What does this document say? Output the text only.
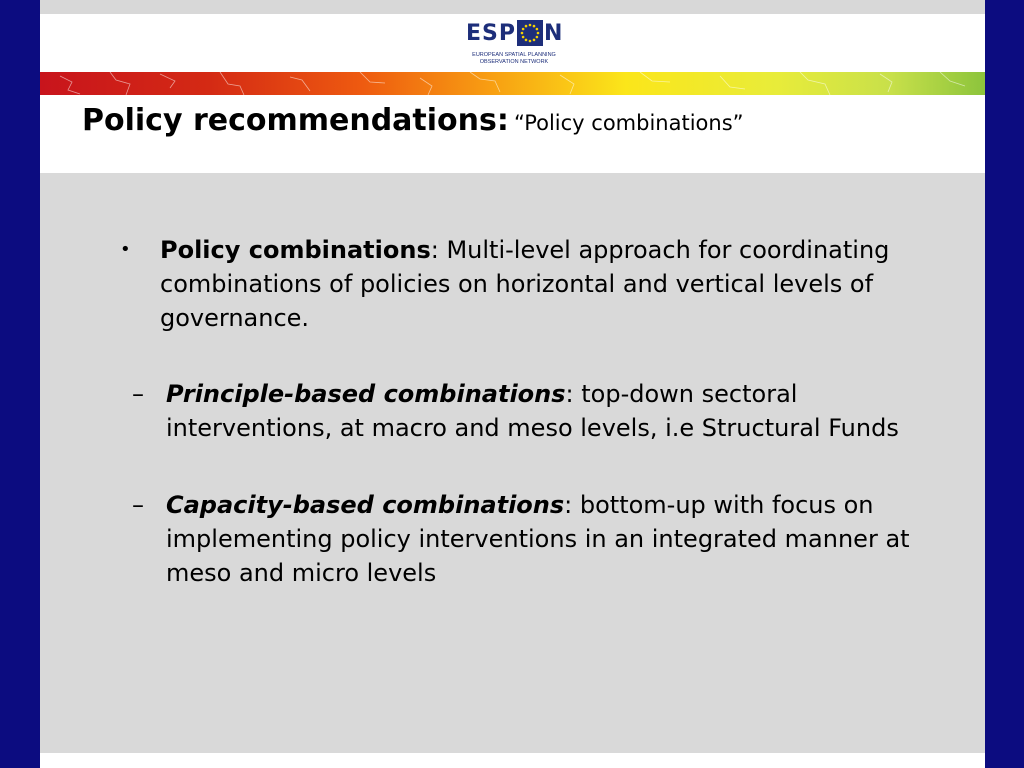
ESP N
EUROPEAN SPATIAL PLANNING
OBSERVATION NETWORK
Policy recommendations: “Policy combinations”
• Policy combinations: Multi-level approach for coordinating combinations of policies on horizontal and vertical levels of governance.
– Principle-based combinations: top-down sectoral interventions, at macro and meso levels, i.e Structural Funds
– Capacity-based combinations: bottom-up with focus on implementing policy interventions in an integrated manner at meso and micro levels
